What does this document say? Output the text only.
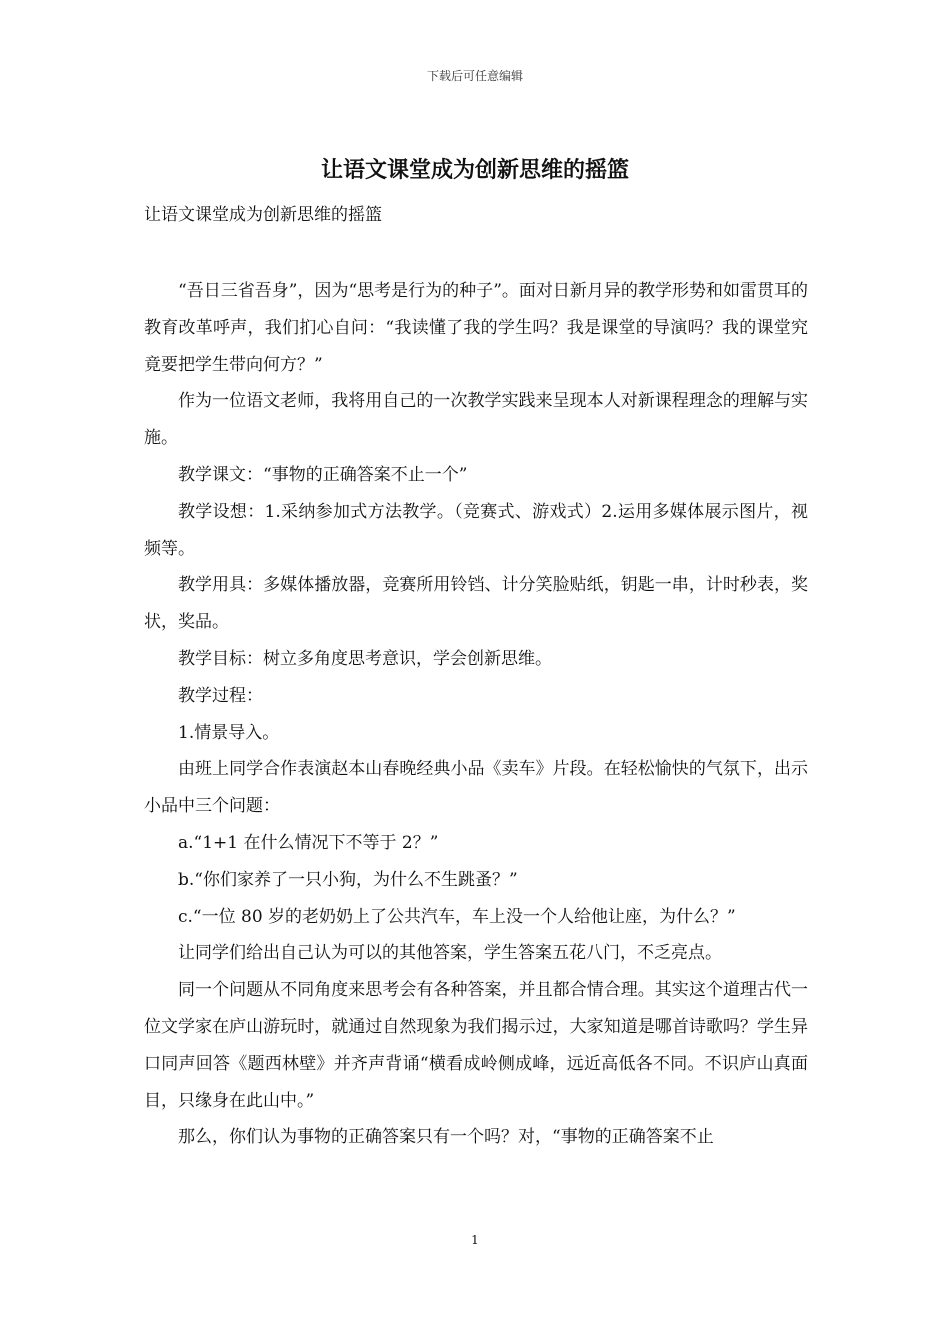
下载后可任意编辑
让语文课堂成为创新思维的摇篮
让语文课堂成为创新思维的摇篮

“吾日三省吾身”，因为“思考是行为的种子”。面对日新月异的教学形势和如雷贯耳的教育改革呼声，我们扪心自问：“我读懂了我的学生吗？我是课堂的导演吗？我的课堂究竟要把学生带向何方？”

作为一位语文老师，我将用自己的一次教学实践来呈现本人对新课程理念的理解与实施。

教学课文：“事物的正确答案不止一个”

教学设想：1.采纳参加式方法教学。（竞赛式、游戏式）2.运用多媒体展示图片，视频等。

教学用具：多媒体播放器，竞赛所用铃铛、计分笑脸贴纸，钥匙一串，计时秒表，奖状，奖品。

教学目标：树立多角度思考意识，学会创新思维。

教学过程：

1.情景导入。

由班上同学合作表演赵本山春晚经典小品《卖车》片段。在轻松愉快的气氛下，出示小品中三个问题：

a.“1+1 在什么情况下不等于 2？”

b.“你们家养了一只小狗，为什么不生跳蚤？”

c.“一位 80 岁的老奶奶上了公共汽车，车上没一个人给他让座，为什么？”

让同学们给出自己认为可以的其他答案，学生答案五花八门，不乏亮点。

同一个问题从不同角度来思考会有各种答案，并且都合情合理。其实这个道理古代一位文学家在庐山游玩时，就通过自然现象为我们揭示过，大家知道是哪首诗歌吗？学生异口同声回答《题西林壁》并齐声背诵“横看成岭侧成峰，远近高低各不同。不识庐山真面目，只缘身在此山中。”

那么，你们认为事物的正确答案只有一个吗？对，“事物的正确答案不止

1
